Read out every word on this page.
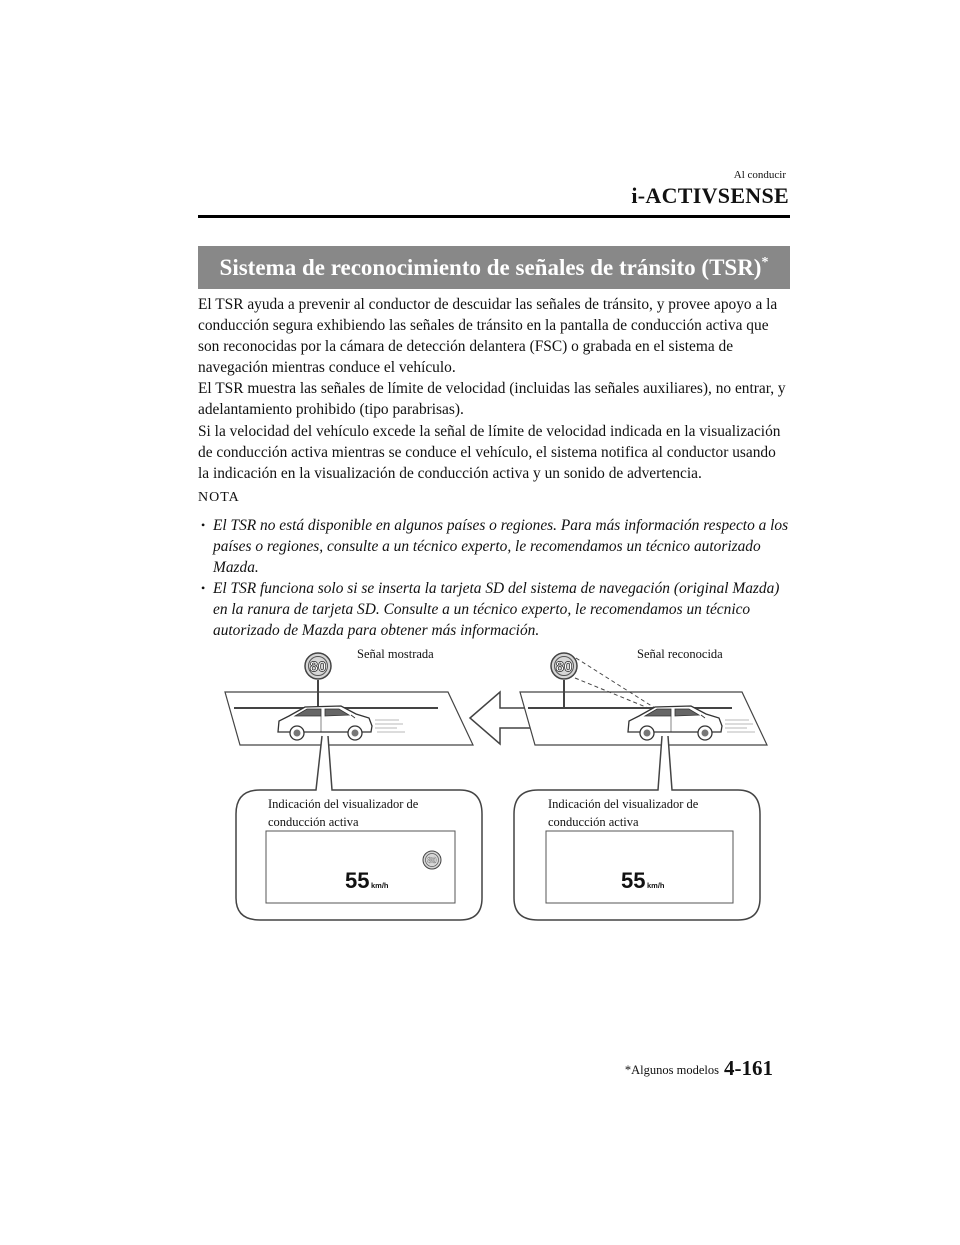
Al conducir
i-ACTIVSENSE
Sistema de reconocimiento de señales de tránsito (TSR)*

El TSR ayuda a prevenir al conductor de descuidar las señales de tránsito, y provee apoyo a la conducción segura exhibiendo las señales de tránsito en la pantalla de conducción activa que son reconocidas por la cámara de detección delantera (FSC) o grabada en el sistema de navegación mientras conduce el vehículo.

El TSR muestra las señales de límite de velocidad (incluidas las señales auxiliares), no entrar, y adelantamiento prohibido (tipo parabrisas).

Si la velocidad del vehículo excede la señal de límite de velocidad indicada en la visualización de conducción activa mientras se conduce el vehículo, el sistema notifica al conductor usando la indicación en la visualización de conducción activa y un sonido de advertencia.

NOTA
• El TSR no está disponible en algunos países o regiones. Para más información respecto a los países o regiones, consulte a un técnico experto, le recomendamos un técnico autorizado Mazda.
• El TSR funciona solo si se inserta la tarjeta SD del sistema de navegación (original Mazda) en la ranura de tarjeta SD. Consulte a un técnico experto, le recomendamos un técnico autorizado de Mazda para obtener más información.
80
Señal mostrada
80
Señal reconocida
Indicación del visualizador de
conducción activa
Indicación del visualizador de
conducción activa
80
55 km/h	55 km/h
*Algunos modelos 4-161
